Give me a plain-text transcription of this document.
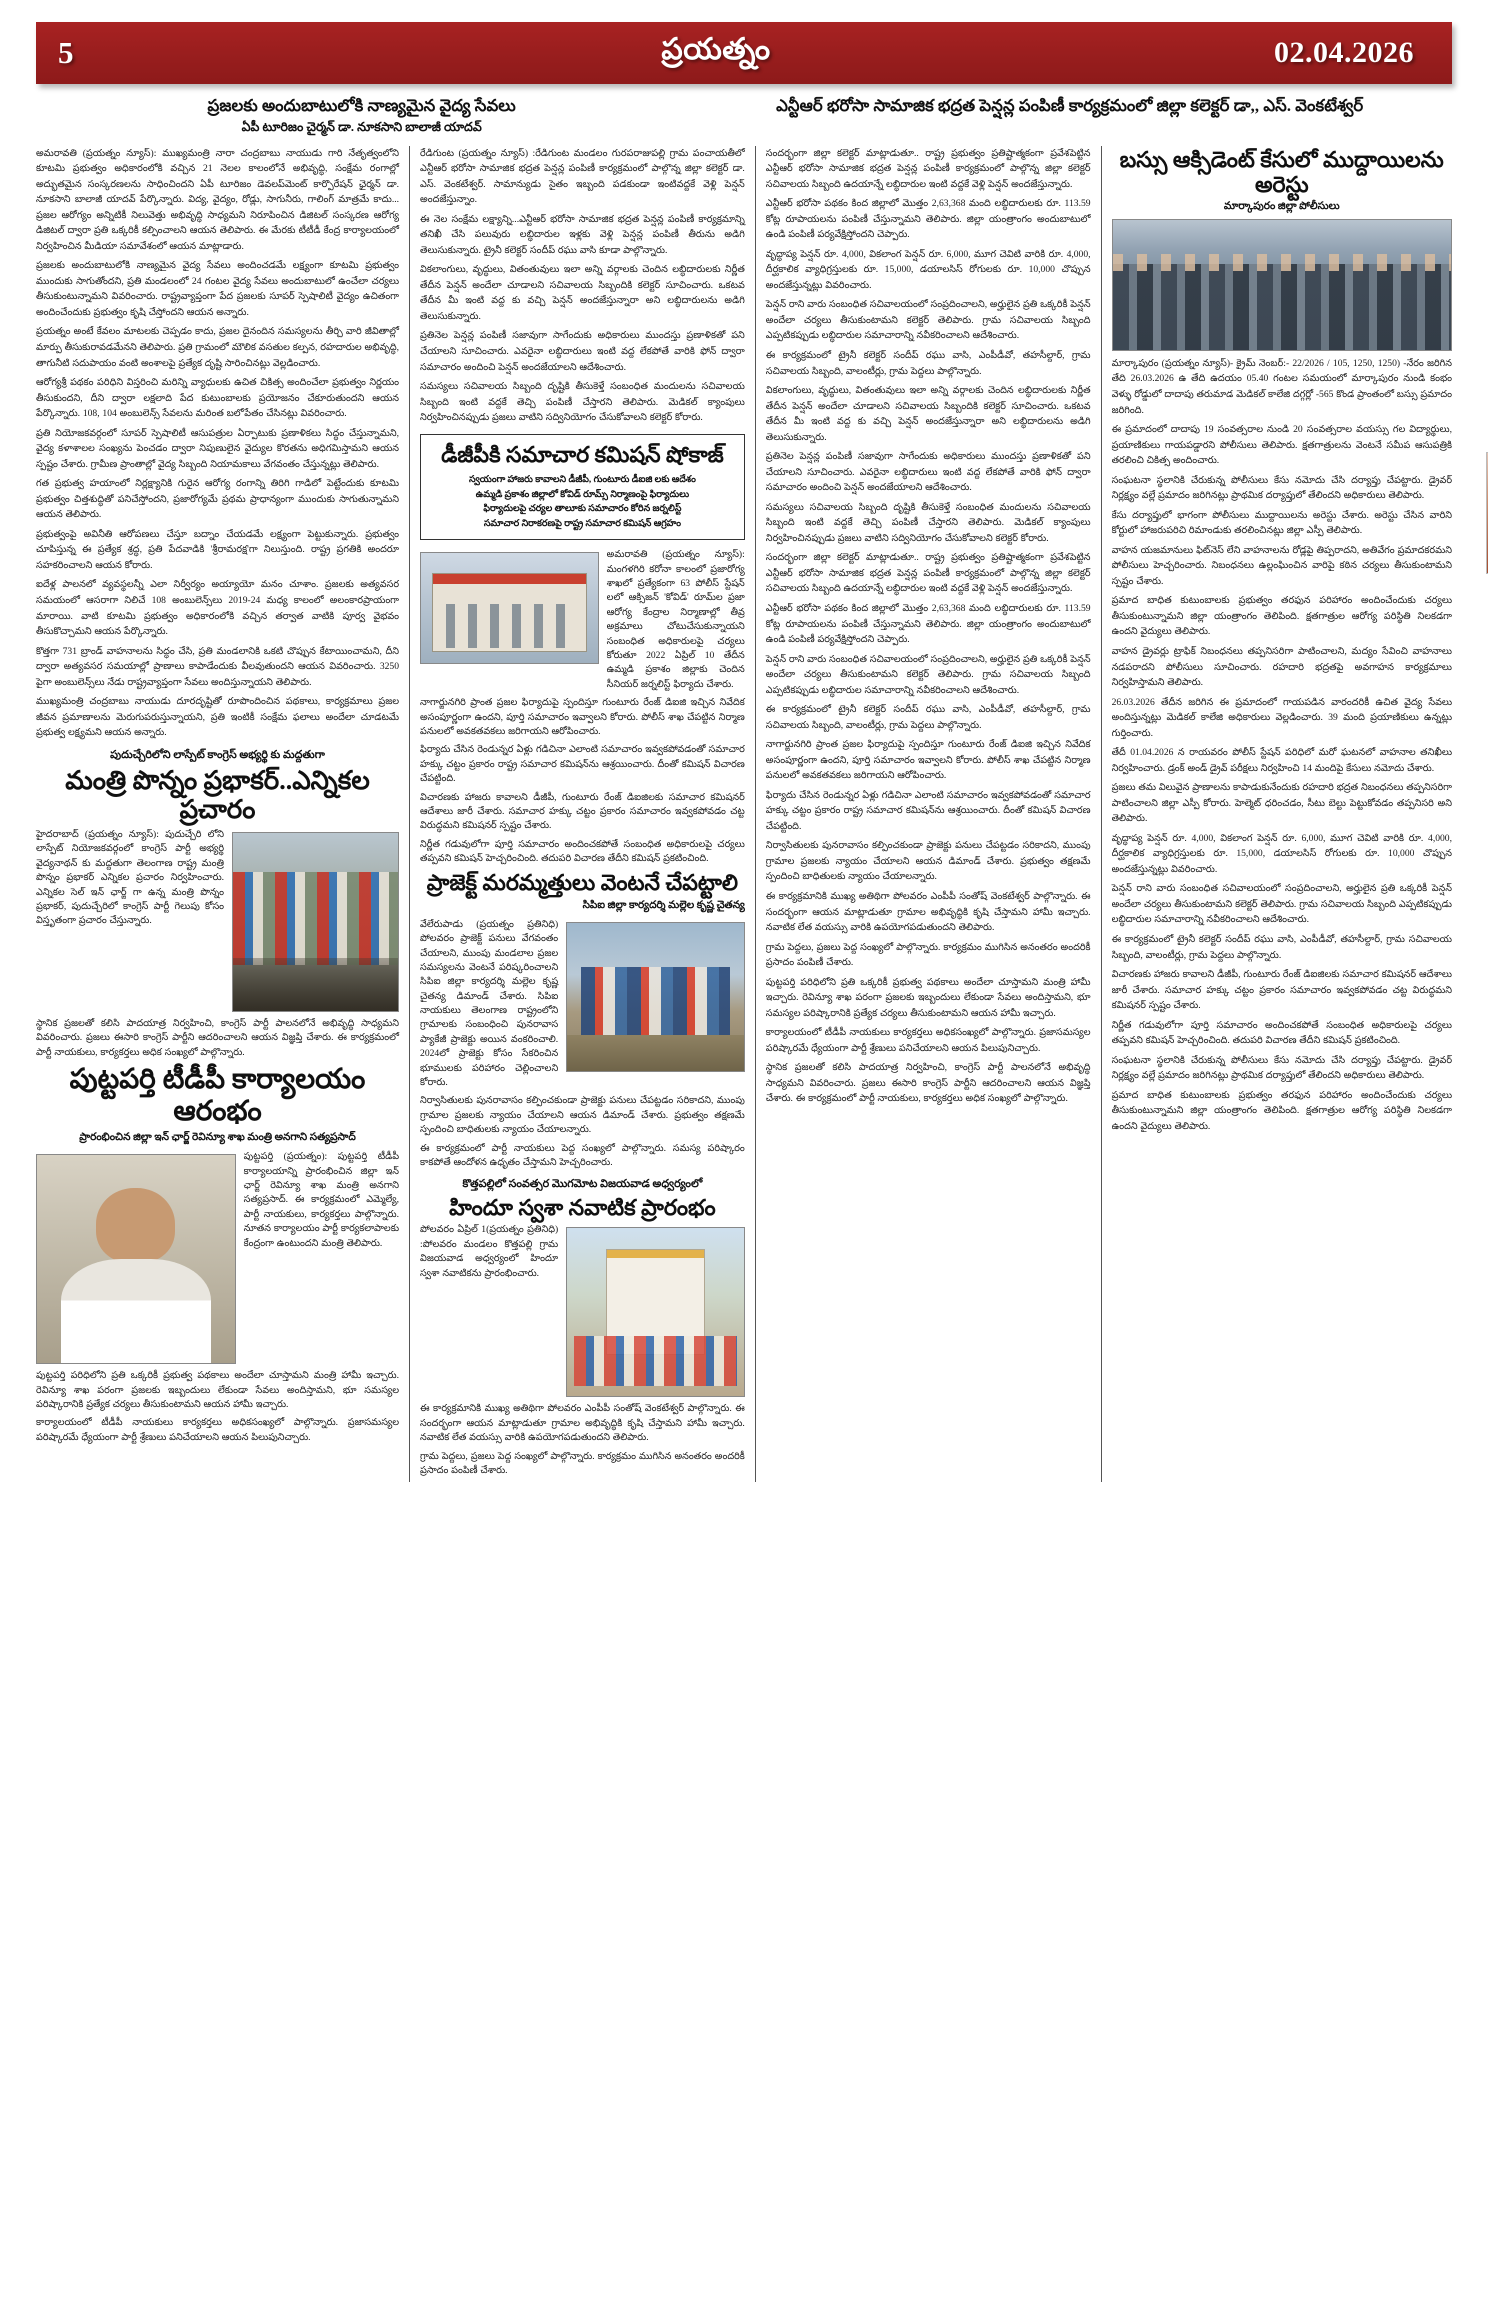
5	ప్రయత్నం	02.04.2026
ప్రజలకు అందుబాటులోకి నాణ్యమైన వైద్య సేవలు
ఏపీ టూరిజం చైర్మన్ డా. నూకసాని బాలాజీ యాదవ్
ఎన్టీఆర్ భరోసా సామాజిక భద్రత పెన్షన్ల పంపిణీ కార్యక్రమంలో జిల్లా కలెక్టర్ డా,, ఎస్. వెంకటేశ్వర్

అమరావతి (ప్రయత్నం న్యూస్): ముఖ్యమంత్రి నారా చంద్రబాబు నాయుడు గారి నేతృత్వంలోని కూటమి ప్రభుత్వం అధికారంలోకి వచ్చిన 21 నెలల కాలంలోనే అభివృద్ధి, సంక్షేమ రంగాల్లో అద్భుతమైన సంస్కరణలను సాధించిందని ఏపీ టూరిజం డెవలప్‌మెంట్ కార్పొరేషన్ ఛైర్మన్ డా. నూకసాని బాలాజీ యాదవ్ పేర్కొన్నారు. విద్య, వైద్యం, రోడ్లు, సాగునీరు, గాలింగ్ మాత్రమే కాదు... ప్రజల ఆరోగ్యం అన్నిటికీ నిలువెత్తు అభివృద్ధి సాధ్యమని నిరూపించిన డిజిటల్ సంస్కరణ ఆరోగ్య డిజిటల్ ద్వారా ప్రతి ఒక్కరికీ కల్పించాలని ఆయన తెలిపారు. ఈ మేరకు టీటీడీ కేంద్ర కార్యాలయంలో నిర్వహించిన మీడియా సమావేశంలో ఆయన మాట్లాడారు.

ప్రజలకు అందుబాటులోకి నాణ్యమైన వైద్య సేవలు అందించడమే లక్ష్యంగా కూటమి ప్రభుత్వం ముందుకు సాగుతోందని, ప్రతి మండలంలో 24 గంటల వైద్య సేవలు అందుబాటులో ఉంచేలా చర్యలు తీసుకుంటున్నామని వివరించారు. రాష్ట్రవ్యాప్తంగా పేద ప్రజలకు సూపర్ స్పెషాలిటీ వైద్యం ఉచితంగా అందించేందుకు ప్రభుత్వం కృషి చేస్తోందని ఆయన అన్నారు.

ప్రయత్నం అంటే కేవలం మాటలకు చెప్పడం కాదు, ప్రజల దైనందిన సమస్యలను తీర్చి వారి జీవితాల్లో మార్పు తీసుకురావడమేనని తెలిపారు. ప్రతి గ్రామంలో మౌలిక వసతుల కల్పన, రహదారుల అభివృద్ధి, తాగునీటి సదుపాయం వంటి అంశాలపై ప్రత్యేక దృష్టి సారించినట్లు వెల్లడించారు.

ఆరోగ్యశ్రీ పథకం పరిధిని విస్తరించి మరిన్ని వ్యాధులకు ఉచిత చికిత్స అందించేలా ప్రభుత్వం నిర్ణయం తీసుకుందని, దీని ద్వారా లక్షలాది పేద కుటుంబాలకు ప్రయోజనం చేకూరుతుందని ఆయన పేర్కొన్నారు. 108, 104 అంబులెన్స్ సేవలను మరింత బలోపేతం చేసినట్లు వివరించారు.

ప్రతి నియోజకవర్గంలో సూపర్ స్పెషాలిటీ ఆసుపత్రుల ఏర్పాటుకు ప్రణాళికలు సిద్ధం చేస్తున్నామని, వైద్య కళాశాలల సంఖ్యను పెంచడం ద్వారా నిపుణులైన వైద్యుల కొరతను అధిగమిస్తామని ఆయన స్పష్టం చేశారు. గ్రామీణ ప్రాంతాల్లో వైద్య సిబ్బంది నియామకాలు వేగవంతం చేస్తున్నట్లు తెలిపారు.

గత ప్రభుత్వ హయాంలో నిర్లక్ష్యానికి గురైన ఆరోగ్య రంగాన్ని తిరిగి గాడిలో పెట్టేందుకు కూటమి ప్రభుత్వం చిత్తశుద్ధితో పనిచేస్తోందని, ప్రజారోగ్యమే ప్రథమ ప్రాధాన్యంగా ముందుకు సాగుతున్నామని ఆయన తెలిపారు.

ప్రభుత్వంపై అవినీతి ఆరోపణలు చేస్తూ బద్నాం చేయడమే లక్ష్యంగా పెట్టుకున్నారు. ప్రభుత్వం చూపిస్తున్న ఈ ప్రత్యేక శ్రద్ధ, ప్రతి పేదవాడికి 'శ్రీరామరక్ష'గా నిలుస్తుంది. రాష్ట్ర ప్రగతికి అందరూ సహకరించాలని ఆయన కోరారు.

ఐదేళ్ల పాలనలో వ్యవస్థలన్నీ ఎలా నిర్వీర్యం అయ్యాయో మనం చూశాం. ప్రజలకు అత్యవసర సమయంలో ఆసరాగా నిలిచే 108 అంబులెన్స్‌లు 2019-24 మధ్య కాలంలో అలంకారప్రాయంగా మారాయి. వాటి కూటమి ప్రభుత్వం అధికారంలోకి వచ్చిన తర్వాత వాటికి పూర్వ వైభవం తీసుకొచ్చామని ఆయన పేర్కొన్నారు.

కొత్తగా 731 బ్రాండ్ వాహనాలను సిద్ధం చేసి, ప్రతి మండలానికి ఒకటి చొప్పున కేటాయించామని, దీని ద్వారా అత్యవసర సమయాల్లో ప్రాణాలు కాపాడేందుకు వీలవుతుందని ఆయన వివరించారు. 3250 పైగా అంబులెన్స్‌లు నేడు రాష్ట్రవ్యాప్తంగా సేవలు అందిస్తున్నాయని తెలిపారు.

ముఖ్యమంత్రి చంద్రబాబు నాయుడు దూరదృష్టితో రూపొందించిన పథకాలు, కార్యక్రమాలు ప్రజల జీవన ప్రమాణాలను మెరుగుపరుస్తున్నాయని, ప్రతి ఇంటికీ సంక్షేమ ఫలాలు అందేలా చూడటమే ప్రభుత్వ లక్ష్యమని ఆయన అన్నారు.

పుదుచ్చేరిలోని లాస్పేట్ కాంగ్రెస్ అభ్యర్థి కు మద్దతుగా
మంత్రి పొన్నం ప్రభాకర్..ఎన్నికల ప్రచారం

హైదరాబాద్ (ప్రయత్నం న్యూస్): పుదుచ్చేరి లోని లాస్పేట్ నియోజకవర్గంలో కాంగ్రెస్ పార్టీ అభ్యర్థి వైద్యనాథన్ కు మద్దతుగా తెలంగాణ రాష్ట్ర మంత్రి పొన్నం ప్రభాకర్ ఎన్నికల ప్రచారం నిర్వహించారు. ఎన్నికల సెల్ ఇన్ ఛార్జ్ గా ఉన్న మంత్రి పొన్నం ప్రభాకర్, పుదుచ్చేరిలో కాంగ్రెస్ పార్టీ గెలుపు కోసం విస్తృతంగా ప్రచారం చేస్తున్నారు.

స్థానిక ప్రజలతో కలిసి పాదయాత్ర నిర్వహించి, కాంగ్రెస్ పార్టీ పాలనలోనే అభివృద్ధి సాధ్యమని వివరించారు. ప్రజలు ఈసారి కాంగ్రెస్ పార్టీని ఆదరించాలని ఆయన విజ్ఞప్తి చేశారు. ఈ కార్యక్రమంలో పార్టీ నాయకులు, కార్యకర్తలు అధిక సంఖ్యలో పాల్గొన్నారు.

పుట్టపర్తి టీడీపీ కార్యాలయం ఆరంభం
ప్రారంభించిన జిల్లా ఇన్ ఛార్జ్ రెవిన్యూ శాఖ మంత్రి అనగాని సత్యప్రసాద్

పుట్టపర్తి (ప్రయత్నం): పుట్టపర్తి టీడీపీ కార్యాలయాన్ని ప్రారంభించిన జిల్లా ఇన్ ఛార్జ్ రెవిన్యూ శాఖ మంత్రి అనగాని సత్యప్రసాద్. ఈ కార్యక్రమంలో ఎమ్మెల్యే, పార్టీ నాయకులు, కార్యకర్తలు పాల్గొన్నారు. నూతన కార్యాలయం పార్టీ కార్యకలాపాలకు కేంద్రంగా ఉంటుందని మంత్రి తెలిపారు.

పుట్టపర్తి పరిధిలోని ప్రతి ఒక్కరికీ ప్రభుత్వ పథకాలు అందేలా చూస్తామని మంత్రి హామీ ఇచ్చారు. రెవిన్యూ శాఖ పరంగా ప్రజలకు ఇబ్బందులు లేకుండా సేవలు అందిస్తామని, భూ సమస్యల పరిష్కారానికి ప్రత్యేక చర్యలు తీసుకుంటామని ఆయన హామీ ఇచ్చారు.

కార్యాలయంలో టీడీపీ నాయకులు కార్యకర్తలు అధికసంఖ్యలో పాల్గొన్నారు. ప్రజాసమస్యల పరిష్కారమే ధ్యేయంగా పార్టీ శ్రేణులు పనిచేయాలని ఆయన పిలుపునిచ్చారు.

రేడిగుంట (ప్రయత్నం న్యూస్) :రేడిగుంట మండలం గురపరాజుపల్లి గ్రామ పంచాయతీలో ఎన్టీఆర్ భరోసా సామాజిక భద్రత పెన్షన్ల పంపిణీ కార్యక్రమంలో పాల్గొన్న జిల్లా కలెక్టర్ డా. ఎస్. వెంకటేశ్వర్. సామాన్యుడు సైతం ఇబ్బంది పడకుండా ఇంటివద్దకే వెళ్లి పెన్షన్ అందజేస్తున్నాం.

ఈ నెల సంక్షేమ లక్ష్యాన్ని...ఎన్టీఆర్ భరోసా సామాజిక భద్రత పెన్షన్ల పంపిణీ కార్యక్రమాన్ని తనిఖీ చేసి పలువురు లబ్ధిదారుల ఇళ్లకు వెళ్లి పెన్షన్ల పంపిణీ తీరును అడిగి తెలుసుకున్నారు. ట్రైనీ కలెక్టర్ సందీప్ రఘు వాసి కూడా పాల్గొన్నారు.

వికలాంగులు, వృద్ధులు, వితంతువులు ఇలా అన్ని వర్గాలకు చెందిన లబ్ధిదారులకు నిర్ణీత తేదీన పెన్షన్ అందేలా చూడాలని సచివాలయ సిబ్బందికి కలెక్టర్ సూచించారు. ఒకటవ తేదీన మీ ఇంటి వద్ద కు వచ్చి పెన్షన్ అందజేస్తున్నారా అని లబ్ధిదారులను అడిగి తెలుసుకున్నారు.

ప్రతినెల పెన్షన్ల పంపిణీ సజావుగా సాగేందుకు అధికారులు ముందస్తు ప్రణాళికతో పని చేయాలని సూచించారు. ఎవరైనా లబ్ధిదారులు ఇంటి వద్ద లేకపోతే వారికి ఫోన్ ద్వారా సమాచారం అందించి పెన్షన్ అందజేయాలని ఆదేశించారు.

సమస్యలు సచివాలయ సిబ్బంది దృష్టికి తీసుకెళ్తే సంబంధిత మందులను సచివాలయ సిబ్బంది ఇంటి వద్దకే తెచ్చి పంపిణీ చేస్తారని తెలిపారు. మెడికల్ క్యాంపులు నిర్వహించినప్పుడు ప్రజలు వాటిని సద్వినియోగం చేసుకోవాలని కలెక్టర్ కోరారు.

డీజీపీకి సమాచార కమిషన్ షోకాజ్
స్వయంగా హాజరు కావాలని డీజీపీ, గుంటూరు డీఐజి లకు ఆదేశం
ఉమ్మడి ప్రకాశం జిల్లాలో కోవిడ్ రూమ్స్ నిర్మాణంపై ఫిర్యాదులు
ఫిర్యాదులపై చర్యల తాలూకు సమాచారం కోరిన జర్నలిస్ట్
సమాచార నిరాకరణపై రాష్ట్ర సమాచార కమిషన్ ఆగ్రహం

అమరావతి (ప్రయత్నం న్యూస్): మంగళగిరి కరోనా కాలంలో ప్రజారోగ్య శాఖలో ప్రత్యేకంగా 63 పోలీస్ స్టేషన్ లలో ఆక్సిజన్ 'కోవిడ్' రూమ్‌ల ప్రజా ఆరోగ్య కేంద్రాల నిర్మాణాల్లో తీవ్ర అక్రమాలు చోటుచేసుకున్నాయని సంబంధిత అధికారులపై చర్యలు కోరుతూ 2022 ఏప్రిల్ 10 తేదీన ఉమ్మడి ప్రకాశం జిల్లాకు చెందిన సీనియర్ జర్నలిస్ట్ ఫిర్యాదు చేశారు.

నాగార్జునగిరి ప్రాంత ప్రజల ఫిర్యాదుపై స్పందిస్తూ గుంటూరు రేంజ్ డిఐజి ఇచ్చిన నివేదిక అసంపూర్ణంగా ఉందని, పూర్తి సమాచారం ఇవ్వాలని కోరారు. పోలీస్ శాఖ చేపట్టిన నిర్మాణ పనులలో అవకతవకలు జరిగాయని ఆరోపించారు.

ఫిర్యాదు చేసిన రెండున్నర ఏళ్లు గడిచినా ఎలాంటి సమాచారం ఇవ్వకపోవడంతో సమాచార హక్కు చట్టం ప్రకారం రాష్ట్ర సమాచార కమిషన్‌ను ఆశ్రయించారు. దీంతో కమిషన్ విచారణ చేపట్టింది.

విచారణకు హాజరు కావాలని డీజీపీ, గుంటూరు రేంజ్ డిఐజిలకు సమాచార కమిషనర్ ఆదేశాలు జారీ చేశారు. సమాచార హక్కు చట్టం ప్రకారం సమాచారం ఇవ్వకపోవడం చట్ట విరుద్ధమని కమిషనర్ స్పష్టం చేశారు.

నిర్ణీత గడువులోగా పూర్తి సమాచారం అందించకపోతే సంబంధిత అధికారులపై చర్యలు తప్పవని కమిషన్ హెచ్చరించింది. తదుపరి విచారణ తేదీని కమిషన్ ప్రకటించింది.

ప్రాజెక్ట్ మరమ్మత్తులు వెంటనే చేపట్టాలి
సిపిఐ జిల్లా కార్యదర్శి మల్లెల కృష్ణ చైతన్య

వేలేరుపాడు (ప్రయత్నం ప్రతినిధి) పోలవరం ప్రాజెక్ట్ పనులు వేగవంతం చేయాలని, ముంపు మండలాల ప్రజల సమస్యలను వెంటనే పరిష్కరించాలని సిపిఐ జిల్లా కార్యదర్శి మల్లెల కృష్ణ చైతన్య డిమాండ్ చేశారు. సిపిఐ నాయకులు తెలంగాణ రాష్ట్రంలోని గ్రామాలకు సంబంధించి పునరావాస ప్యాకేజీ ప్రాజెక్టు అయిన వంకరించాలి. 2024లో ప్రాజెక్టు కోసం సేకరించిన భూములకు పరిహారం చెల్లించాలని కోరారు.

నిర్వాసితులకు పునరావాసం కల్పించకుండా ప్రాజెక్టు పనులు చేపట్టడం సరికాదని, ముంపు గ్రామాల ప్రజలకు న్యాయం చేయాలని ఆయన డిమాండ్ చేశారు. ప్రభుత్వం తక్షణమే స్పందించి బాధితులకు న్యాయం చేయాలన్నారు.

ఈ కార్యక్రమంలో పార్టీ నాయకులు పెద్ద సంఖ్యలో పాల్గొన్నారు. సమస్య పరిష్కారం కాకపోతే ఆందోళన ఉధృతం చేస్తామని హెచ్చరించారు.

కొత్తపల్లిలో సంవత్సర మొగమోట విజయవాడ అధ్వర్యంలో
హిందూ స్వశా నవాటిక ప్రారంభం

పోలవరం ఏప్రిల్ 1(ప్రయత్నం ప్రతినిధి) :పోలవరం మండలం కొత్తపల్లి గ్రామ విజయవాడ అధ్వర్యంలో హిందూ స్వశా నవాటికను ప్రారంభించారు.

ఈ కార్యక్రమానికి ముఖ్య అతిథిగా పోలవరం ఎంపీపీ సంతోష్ వెంకటేశ్వర్ పాల్గొన్నారు. ఈ సందర్భంగా ఆయన మాట్లాడుతూ గ్రామాల అభివృద్ధికి కృషి చేస్తామని హామీ ఇచ్చారు. నవాటిక లేత వయస్సు వారికి ఉపయోగపడుతుందని తెలిపారు.

గ్రామ పెద్దలు, ప్రజలు పెద్ద సంఖ్యలో పాల్గొన్నారు. కార్యక్రమం ముగిసిన అనంతరం అందరికీ ప్రసాదం పంపిణీ చేశారు.

సందర్భంగా జిల్లా కలెక్టర్ మాట్లాడుతూ.. రాష్ట్ర ప్రభుత్వం ప్రతిష్టాత్మకంగా ప్రవేశపెట్టిన ఎన్టీఆర్ భరోసా సామాజిక భద్రత పెన్షన్ల పంపిణీ కార్యక్రమంలో పాల్గొన్న జిల్లా కలెక్టర్ సచివాలయ సిబ్బంది ఉదయాన్నే లబ్ధిదారుల ఇంటి వద్దకే వెళ్లి పెన్షన్ అందజేస్తున్నారు.

ఎన్టీఆర్ భరోసా పథకం కింద జిల్లాలో మొత్తం 2,63,368 మంది లబ్ధిదారులకు రూ. 113.59 కోట్ల రూపాయలను పంపిణీ చేస్తున్నామని తెలిపారు. జిల్లా యంత్రాంగం అందుబాటులో ఉండి పంపిణీ పర్యవేక్షిస్తోందని చెప్పారు.

వృద్ధాప్య పెన్షన్ రూ. 4,000, వికలాంగ పెన్షన్ రూ. 6,000, మూగ చెవిటి వారికి రూ. 4,000, దీర్ఘకాలిక వ్యాధిగ్రస్తులకు రూ. 15,000, డయాలసిస్ రోగులకు రూ. 10,000 చొప్పున అందజేస్తున్నట్లు వివరించారు.

పెన్షన్ రాని వారు సంబంధిత సచివాలయంలో సంప్రదించాలని, అర్హులైన ప్రతి ఒక్కరికీ పెన్షన్ అందేలా చర్యలు తీసుకుంటామని కలెక్టర్ తెలిపారు. గ్రామ సచివాలయ సిబ్బంది ఎప్పటికప్పుడు లబ్ధిదారుల సమాచారాన్ని నవీకరించాలని ఆదేశించారు.

ఈ కార్యక్రమంలో ట్రైనీ కలెక్టర్ సందీప్ రఘు వాసి, ఎంపీడీవో, తహసీల్దార్, గ్రామ సచివాలయ సిబ్బంది, వాలంటీర్లు, గ్రామ పెద్దలు పాల్గొన్నారు.

వికలాంగులు, వృద్ధులు, వితంతువులు ఇలా అన్ని వర్గాలకు చెందిన లబ్ధిదారులకు నిర్ణీత తేదీన పెన్షన్ అందేలా చూడాలని సచివాలయ సిబ్బందికి కలెక్టర్ సూచించారు. ఒకటవ తేదీన మీ ఇంటి వద్ద కు వచ్చి పెన్షన్ అందజేస్తున్నారా అని లబ్ధిదారులను అడిగి తెలుసుకున్నారు.

ప్రతినెల పెన్షన్ల పంపిణీ సజావుగా సాగేందుకు అధికారులు ముందస్తు ప్రణాళికతో పని చేయాలని సూచించారు. ఎవరైనా లబ్ధిదారులు ఇంటి వద్ద లేకపోతే వారికి ఫోన్ ద్వారా సమాచారం అందించి పెన్షన్ అందజేయాలని ఆదేశించారు.

సమస్యలు సచివాలయ సిబ్బంది దృష్టికి తీసుకెళ్తే సంబంధిత మందులను సచివాలయ సిబ్బంది ఇంటి వద్దకే తెచ్చి పంపిణీ చేస్తారని తెలిపారు. మెడికల్ క్యాంపులు నిర్వహించినప్పుడు ప్రజలు వాటిని సద్వినియోగం చేసుకోవాలని కలెక్టర్ కోరారు.

సందర్భంగా జిల్లా కలెక్టర్ మాట్లాడుతూ.. రాష్ట్ర ప్రభుత్వం ప్రతిష్టాత్మకంగా ప్రవేశపెట్టిన ఎన్టీఆర్ భరోసా సామాజిక భద్రత పెన్షన్ల పంపిణీ కార్యక్రమంలో పాల్గొన్న జిల్లా కలెక్టర్ సచివాలయ సిబ్బంది ఉదయాన్నే లబ్ధిదారుల ఇంటి వద్దకే వెళ్లి పెన్షన్ అందజేస్తున్నారు.

ఎన్టీఆర్ భరోసా పథకం కింద జిల్లాలో మొత్తం 2,63,368 మంది లబ్ధిదారులకు రూ. 113.59 కోట్ల రూపాయలను పంపిణీ చేస్తున్నామని తెలిపారు. జిల్లా యంత్రాంగం అందుబాటులో ఉండి పంపిణీ పర్యవేక్షిస్తోందని చెప్పారు.

పెన్షన్ రాని వారు సంబంధిత సచివాలయంలో సంప్రదించాలని, అర్హులైన ప్రతి ఒక్కరికీ పెన్షన్ అందేలా చర్యలు తీసుకుంటామని కలెక్టర్ తెలిపారు. గ్రామ సచివాలయ సిబ్బంది ఎప్పటికప్పుడు లబ్ధిదారుల సమాచారాన్ని నవీకరించాలని ఆదేశించారు.

ఈ కార్యక్రమంలో ట్రైనీ కలెక్టర్ సందీప్ రఘు వాసి, ఎంపీడీవో, తహసీల్దార్, గ్రామ సచివాలయ సిబ్బంది, వాలంటీర్లు, గ్రామ పెద్దలు పాల్గొన్నారు.

నాగార్జునగిరి ప్రాంత ప్రజల ఫిర్యాదుపై స్పందిస్తూ గుంటూరు రేంజ్ డిఐజి ఇచ్చిన నివేదిక అసంపూర్ణంగా ఉందని, పూర్తి సమాచారం ఇవ్వాలని కోరారు. పోలీస్ శాఖ చేపట్టిన నిర్మాణ పనులలో అవకతవకలు జరిగాయని ఆరోపించారు.

ఫిర్యాదు చేసిన రెండున్నర ఏళ్లు గడిచినా ఎలాంటి సమాచారం ఇవ్వకపోవడంతో సమాచార హక్కు చట్టం ప్రకారం రాష్ట్ర సమాచార కమిషన్‌ను ఆశ్రయించారు. దీంతో కమిషన్ విచారణ చేపట్టింది.

నిర్వాసితులకు పునరావాసం కల్పించకుండా ప్రాజెక్టు పనులు చేపట్టడం సరికాదని, ముంపు గ్రామాల ప్రజలకు న్యాయం చేయాలని ఆయన డిమాండ్ చేశారు. ప్రభుత్వం తక్షణమే స్పందించి బాధితులకు న్యాయం చేయాలన్నారు.

ఈ కార్యక్రమానికి ముఖ్య అతిథిగా పోలవరం ఎంపీపీ సంతోష్ వెంకటేశ్వర్ పాల్గొన్నారు. ఈ సందర్భంగా ఆయన మాట్లాడుతూ గ్రామాల అభివృద్ధికి కృషి చేస్తామని హామీ ఇచ్చారు. నవాటిక లేత వయస్సు వారికి ఉపయోగపడుతుందని తెలిపారు.

గ్రామ పెద్దలు, ప్రజలు పెద్ద సంఖ్యలో పాల్గొన్నారు. కార్యక్రమం ముగిసిన అనంతరం అందరికీ ప్రసాదం పంపిణీ చేశారు.

పుట్టపర్తి పరిధిలోని ప్రతి ఒక్కరికీ ప్రభుత్వ పథకాలు అందేలా చూస్తామని మంత్రి హామీ ఇచ్చారు. రెవిన్యూ శాఖ పరంగా ప్రజలకు ఇబ్బందులు లేకుండా సేవలు అందిస్తామని, భూ సమస్యల పరిష్కారానికి ప్రత్యేక చర్యలు తీసుకుంటామని ఆయన హామీ ఇచ్చారు.

కార్యాలయంలో టీడీపీ నాయకులు కార్యకర్తలు అధికసంఖ్యలో పాల్గొన్నారు. ప్రజాసమస్యల పరిష్కారమే ధ్యేయంగా పార్టీ శ్రేణులు పనిచేయాలని ఆయన పిలుపునిచ్చారు.

స్థానిక ప్రజలతో కలిసి పాదయాత్ర నిర్వహించి, కాంగ్రెస్ పార్టీ పాలనలోనే అభివృద్ధి సాధ్యమని వివరించారు. ప్రజలు ఈసారి కాంగ్రెస్ పార్టీని ఆదరించాలని ఆయన విజ్ఞప్తి చేశారు. ఈ కార్యక్రమంలో పార్టీ నాయకులు, కార్యకర్తలు అధిక సంఖ్యలో పాల్గొన్నారు.

బస్సు ఆక్సిడెంట్ కేసులో ముద్దాయిలను అరెస్టు
మార్కాపురం జిల్లా పోలీసులు

మార్కాపురం (ప్రయత్నం న్యూస్)- క్రైమ్ నెంబర్:- 22/2026 / 105, 1250, 1250) -నేరం జరిగిన తేది 26.03.2026 ఉ తేది ఉదయం 05.40 గంటల సమయంలో మార్కాపురం నుండి కంభం వెళ్ళు రోడ్డులో దాదాపు తరుమాడ మెడికల్ కాలేజి దగ్గర్లో -565 కొండ ప్రాంతంలో బస్సు ప్రమాదం జరిగింది.

ఈ ప్రమాదంలో దాదాపు 19 సంవత్సరాల నుండి 20 సంవత్సరాల వయస్సు గల విద్యార్థులు, ప్రయాణికులు గాయపడ్డారని పోలీసులు తెలిపారు. క్షతగాత్రులను వెంటనే సమీప ఆసుపత్రికి తరలించి చికిత్స అందించారు.

సంఘటనా స్థలానికి చేరుకున్న పోలీసులు కేసు నమోదు చేసి దర్యాప్తు చేపట్టారు. డ్రైవర్ నిర్లక్ష్యం వల్లే ప్రమాదం జరిగినట్లు ప్రాథమిక దర్యాప్తులో తేలిందని అధికారులు తెలిపారు.

కేసు దర్యాప్తులో భాగంగా పోలీసులు ముద్దాయిలను అరెస్టు చేశారు. అరెస్టు చేసిన వారిని కోర్టులో హాజరుపరిచి రిమాండుకు తరలించినట్లు జిల్లా ఎస్పీ తెలిపారు.

వాహన యజమానులు ఫిట్‌నెస్ లేని వాహనాలను రోడ్లపై తిప్పరాదని, అతివేగం ప్రమాదకరమని పోలీసులు హెచ్చరించారు. నిబంధనలు ఉల్లంఘించిన వారిపై కఠిన చర్యలు తీసుకుంటామని స్పష్టం చేశారు.

ప్రమాద బాధిత కుటుంబాలకు ప్రభుత్వం తరఫున పరిహారం అందించేందుకు చర్యలు తీసుకుంటున్నామని జిల్లా యంత్రాంగం తెలిపింది. క్షతగాత్రుల ఆరోగ్య పరిస్థితి నిలకడగా ఉందని వైద్యులు తెలిపారు.

వాహన డ్రైవర్లు ట్రాఫిక్ నిబంధనలు తప్పనిసరిగా పాటించాలని, మద్యం సేవించి వాహనాలు నడపరాదని పోలీసులు సూచించారు. రహదారి భద్రతపై అవగాహన కార్యక్రమాలు నిర్వహిస్తామని తెలిపారు.

26.03.2026 తేదీన జరిగిన ఈ ప్రమాదంలో గాయపడిన వారందరికీ ఉచిత వైద్య సేవలు అందిస్తున్నట్లు మెడికల్ కాలేజి అధికారులు వెల్లడించారు. 39 మంది ప్రయాణికులు ఉన్నట్లు గుర్తించారు.

తేదీ 01.04.2026 న రాయవరం పోలీస్ స్టేషన్ పరిధిలో మరో ఘటనలో వాహనాల తనిఖీలు నిర్వహించారు. డ్రంక్ అండ్ డ్రైవ్ పరీక్షలు నిర్వహించి 14 మందిపై కేసులు నమోదు చేశారు.

ప్రజలు తమ విలువైన ప్రాణాలను కాపాడుకునేందుకు రహదారి భద్రత నిబంధనలు తప్పనిసరిగా పాటించాలని జిల్లా ఎస్పీ కోరారు. హెల్మెట్ ధరించడం, సీటు బెల్టు పెట్టుకోవడం తప్పనిసరి అని తెలిపారు.

వృద్ధాప్య పెన్షన్ రూ. 4,000, వికలాంగ పెన్షన్ రూ. 6,000, మూగ చెవిటి వారికి రూ. 4,000, దీర్ఘకాలిక వ్యాధిగ్రస్తులకు రూ. 15,000, డయాలసిస్ రోగులకు రూ. 10,000 చొప్పున అందజేస్తున్నట్లు వివరించారు.

పెన్షన్ రాని వారు సంబంధిత సచివాలయంలో సంప్రదించాలని, అర్హులైన ప్రతి ఒక్కరికీ పెన్షన్ అందేలా చర్యలు తీసుకుంటామని కలెక్టర్ తెలిపారు. గ్రామ సచివాలయ సిబ్బంది ఎప్పటికప్పుడు లబ్ధిదారుల సమాచారాన్ని నవీకరించాలని ఆదేశించారు.

ఈ కార్యక్రమంలో ట్రైనీ కలెక్టర్ సందీప్ రఘు వాసి, ఎంపీడీవో, తహసీల్దార్, గ్రామ సచివాలయ సిబ్బంది, వాలంటీర్లు, గ్రామ పెద్దలు పాల్గొన్నారు.

విచారణకు హాజరు కావాలని డీజీపీ, గుంటూరు రేంజ్ డిఐజిలకు సమాచార కమిషనర్ ఆదేశాలు జారీ చేశారు. సమాచార హక్కు చట్టం ప్రకారం సమాచారం ఇవ్వకపోవడం చట్ట విరుద్ధమని కమిషనర్ స్పష్టం చేశారు.

నిర్ణీత గడువులోగా పూర్తి సమాచారం అందించకపోతే సంబంధిత అధికారులపై చర్యలు తప్పవని కమిషన్ హెచ్చరించింది. తదుపరి విచారణ తేదీని కమిషన్ ప్రకటించింది.

సంఘటనా స్థలానికి చేరుకున్న పోలీసులు కేసు నమోదు చేసి దర్యాప్తు చేపట్టారు. డ్రైవర్ నిర్లక్ష్యం వల్లే ప్రమాదం జరిగినట్లు ప్రాథమిక దర్యాప్తులో తేలిందని అధికారులు తెలిపారు.

ప్రమాద బాధిత కుటుంబాలకు ప్రభుత్వం తరఫున పరిహారం అందించేందుకు చర్యలు తీసుకుంటున్నామని జిల్లా యంత్రాంగం తెలిపింది. క్షతగాత్రుల ఆరోగ్య పరిస్థితి నిలకడగా ఉందని వైద్యులు తెలిపారు.
